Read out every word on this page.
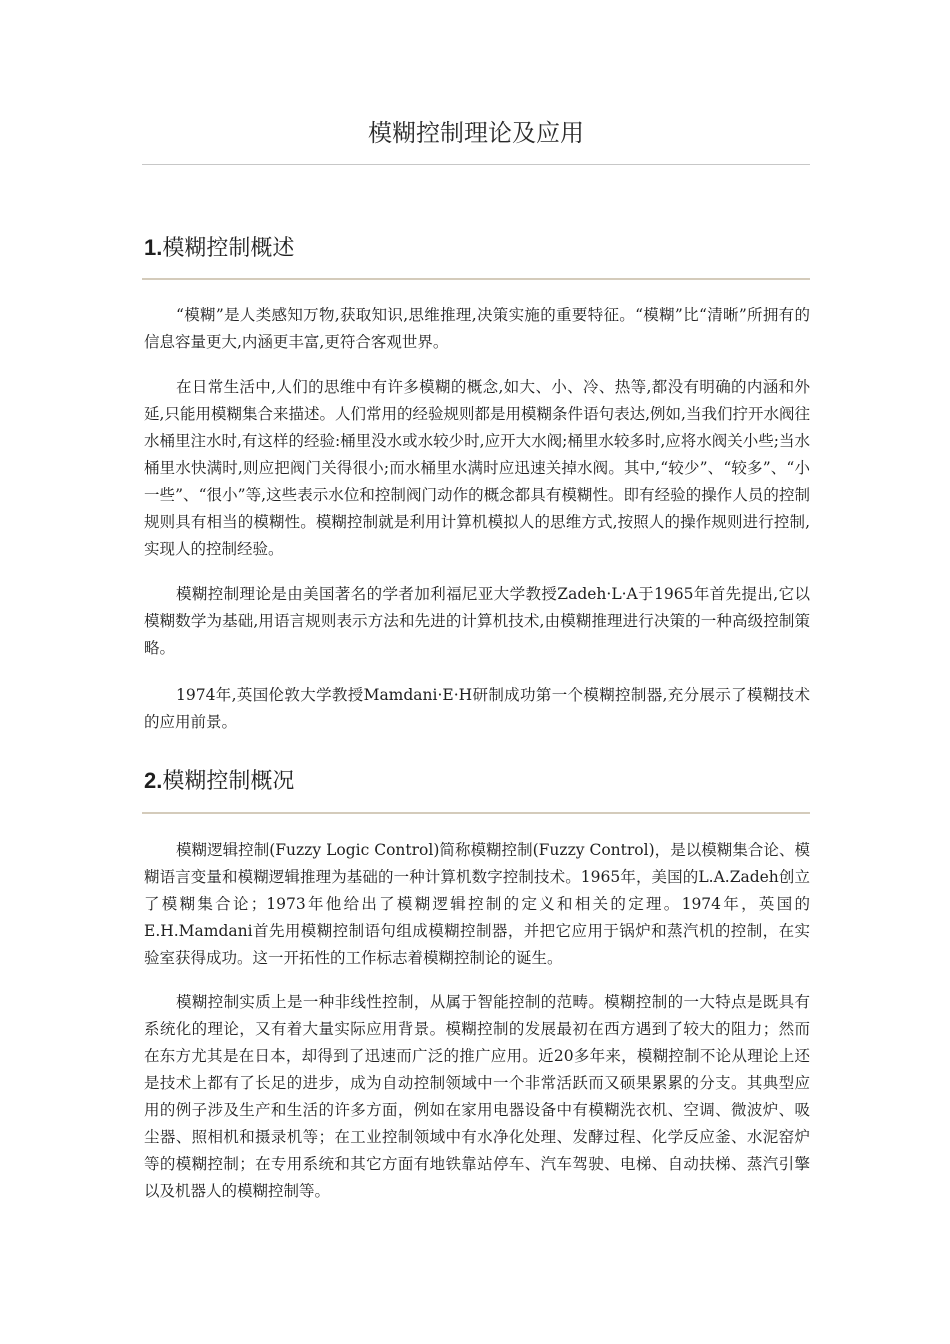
模糊控制理论及应用
1.模糊控制概述

“模糊”是人类感知万物,获取知识,思维推理,决策实施的重要特征。“模糊”比“清晰”所拥有的信息容量更大,内涵更丰富,更符合客观世界。

在日常生活中,人们的思维中有许多模糊的概念,如大、小、冷、热等,都没有明确的内涵和外延,只能用模糊集合来描述。人们常用的经验规则都是用模糊条件语句表达,例如,当我们拧开水阀往水桶里注水时,有这样的经验:桶里没水或水较少时,应开大水阀;桶里水较多时,应将水阀关小些;当水桶里水快满时,则应把阀门关得很小;而水桶里水满时应迅速关掉水阀。其中,“较少”、“较多”、“小一些”、“很小”等,这些表示水位和控制阀门动作的概念都具有模糊性。即有经验的操作人员的控制规则具有相当的模糊性。模糊控制就是利用计算机模拟人的思维方式,按照人的操作规则进行控制,实现人的控制经验。

模糊控制理论是由美国著名的学者加利福尼亚大学教授Zadeh·L·A于1965年首先提出,它以模糊数学为基础,用语言规则表示方法和先进的计算机技术,由模糊推理进行决策的一种高级控制策略。

1974年,英国伦敦大学教授Mamdani·E·H研制成功第一个模糊控制器,充分展示了模糊技术的应用前景。

2.模糊控制概况

模糊逻辑控制(Fuzzy Logic Control)简称模糊控制(Fuzzy Control)，是以模糊集合论、模糊语言变量和模糊逻辑推理为基础的一种计算机数字控制技术。1965年，美国的L.A.Zadeh创立了模糊集合论；1973年他给出了模糊逻辑控制的定义和相关的定理。1974年，英国的E.H.Mamdani首先用模糊控制语句组成模糊控制器，并把它应用于锅炉和蒸汽机的控制，在实验室获得成功。这一开拓性的工作标志着模糊控制论的诞生。

模糊控制实质上是一种非线性控制，从属于智能控制的范畴。模糊控制的一大特点是既具有系统化的理论，又有着大量实际应用背景。模糊控制的发展最初在西方遇到了较大的阻力；然而在东方尤其是在日本，却得到了迅速而广泛的推广应用。近20多年来，模糊控制不论从理论上还是技术上都有了长足的进步，成为自动控制领域中一个非常活跃而又硕果累累的分支。其典型应用的例子涉及生产和生活的许多方面，例如在家用电器设备中有模糊洗衣机、空调、微波炉、吸尘器、照相机和摄录机等；在工业控制领域中有水净化处理、发酵过程、化学反应釜、水泥窑炉等的模糊控制；在专用系统和其它方面有地铁靠站停车、汽车驾驶、电梯、自动扶梯、蒸汽引擎以及机器人的模糊控制等。
